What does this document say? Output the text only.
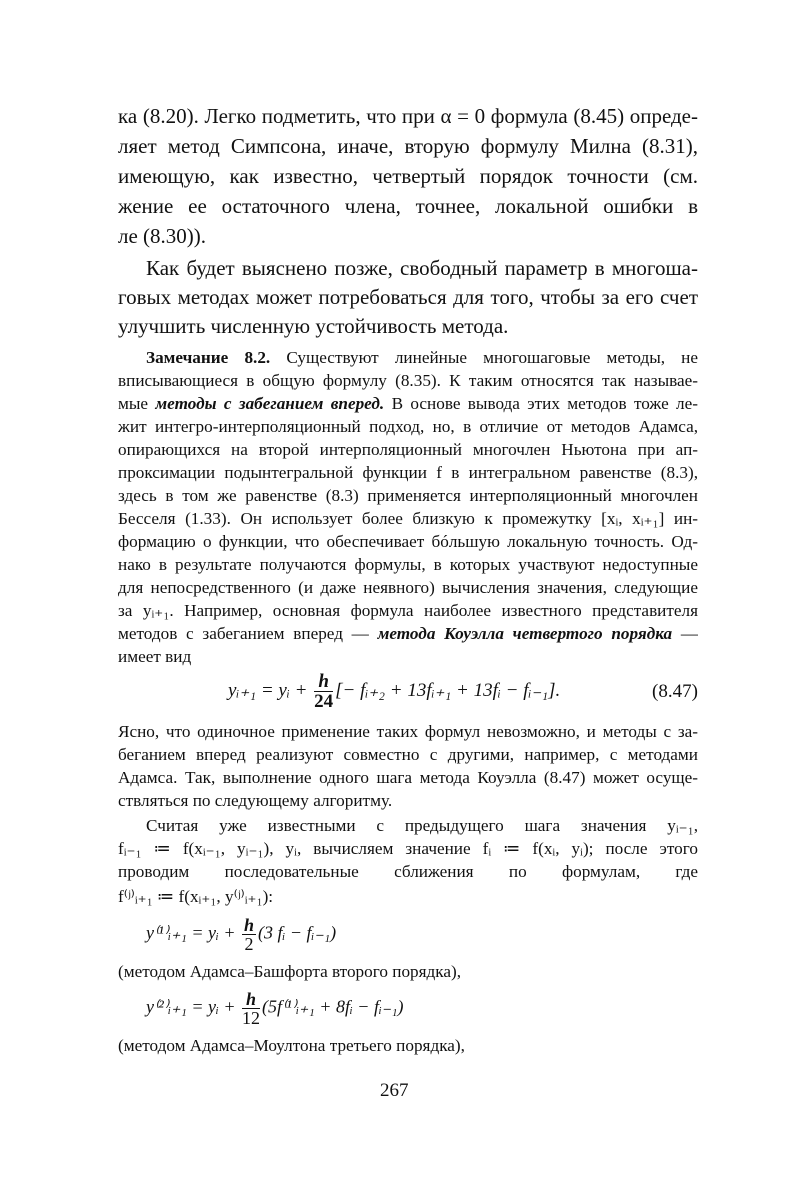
ка (8.20). Легко подметить, что при α = 0 формула (8.45) опреде-
ляет метод Симпсона, иначе, вторую формулу Милна (8.31),
имеющую, как известно, четвертый порядок точности (см.
жение ее остаточного члена, точнее, локальной ошибки в
ле (8.30)).
Как будет выяснено позже, свободный параметр в многоша-
говых методах может потребоваться для того, чтобы за его счет
улучшить численную устойчивость метода.
Замечание 8.2. Существуют линейные многошаговые методы, не
вписывающиеся в общую формулу (8.35). К таким относятся так называе-
мые методы с забеганием вперед. В основе вывода этих методов тоже ле-
жит интегро-интерполяционный подход, но, в отличие от методов Адамса,
опирающихся на второй интерполяционный многочлен Ньютона при ап-
проксимации подынтегральной функции f в интегральном равенстве (8.3),
здесь в том же равенстве (8.3) применяется интерполяционный многочлен
Бесселя (1.33). Он использует более близкую к промежутку [xᵢ, xᵢ₊₁] ин-
формацию о функции, что обеспечивает бóльшую локальную точность. Од-
нако в результате получаются формулы, в которых участвуют недоступные
для непосредственного (и даже неявного) вычисления значения, следующие
за yᵢ₊₁. Например, основная формула наиболее известного представителя
методов с забеганием вперед — метода Коуэлла четвертого порядка —
имеет вид
yᵢ₊₁ = yᵢ + $\frac{h}{24}$ [− fᵢ₊₂ + 13fᵢ₊₁ + 13fᵢ − fᵢ₋₁].	(8.47)
Ясно, что одиночное применение таких формул невозможно, и методы с за-
беганием вперед реализуют совместно с другими, например, с методами
Адамса. Так, выполнение одного шага метода Коуэлла (8.47) может осуще-
ствляться по следующему алгоритму.
Считая уже известными с предыдущего шага значения yᵢ₋₁,
fᵢ₋₁ ≔ f(xᵢ₋₁, yᵢ₋₁), yᵢ, вычисляем значение fᵢ ≔ f(xᵢ, yᵢ); после этого
проводим последовательные сближения по формулам, где
f⁽ʲ⁾ᵢ₊₁ ≔ f(xᵢ₊₁, y⁽ʲ⁾ᵢ₊₁):
y⁽¹⁾ᵢ₊₁ = yᵢ + $\frac{h}{2} (3$ fᵢ − fᵢ₋₁)
(методом Адамса–Башфорта второго порядка),
y⁽²⁾ᵢ₊₁ = yᵢ + $\frac{h}{12}$ (5f⁽¹⁾ᵢ₊₁ + 8fᵢ − fᵢ₋₁)
(методом Адамса–Моултона третьего порядка),
267
